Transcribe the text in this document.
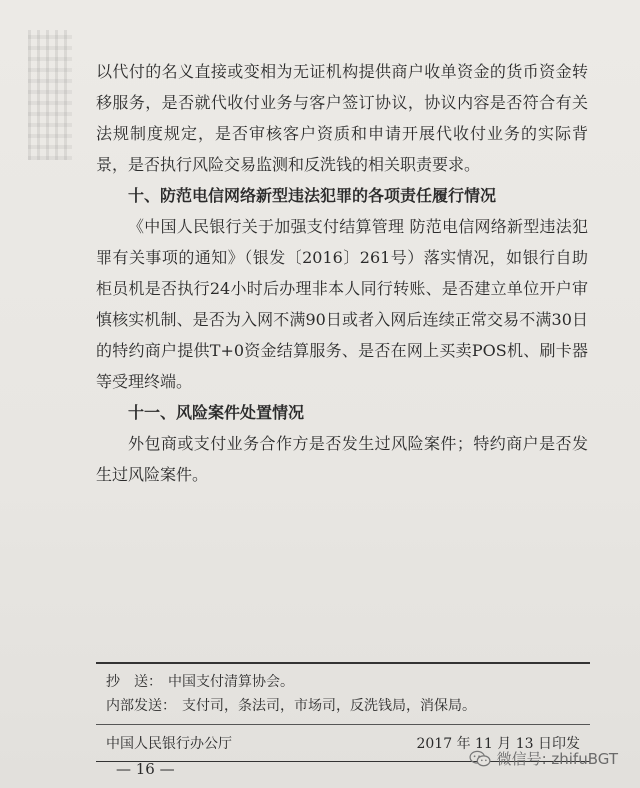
以代付的名义直接或变相为无证机构提供商户收单资金的货币资金转移服务，是否就代收付业务与客户签订协议，协议内容是否符合有关法规制度规定，是否审核客户资质和申请开展代收付业务的实际背景，是否执行风险交易监测和反洗钱的相关职责要求。

十、防范电信网络新型违法犯罪的各项责任履行情况

《中国人民银行关于加强支付结算管理 防范电信网络新型违法犯罪有关事项的通知》（银发〔2016〕261号）落实情况，如银行自助柜员机是否执行24小时后办理非本人同行转账、是否建立单位开户审慎核实机制、是否为入网不满90日或者入网后连续正常交易不满30日的特约商户提供T+0资金结算服务、是否在网上买卖POS机、刷卡器等受理终端。

十一、风险案件处置情况

外包商或支付业务合作方是否发生过风险案件；特约商户是否发生过风险案件。

抄　送： 中国支付清算协会。
内部发送： 支付司，条法司，市场司，反洗钱局，消保局。
中国人民银行办公厅	2017 年 11 月 13 日印发
— 16 —
微信号: zhifuBGT
